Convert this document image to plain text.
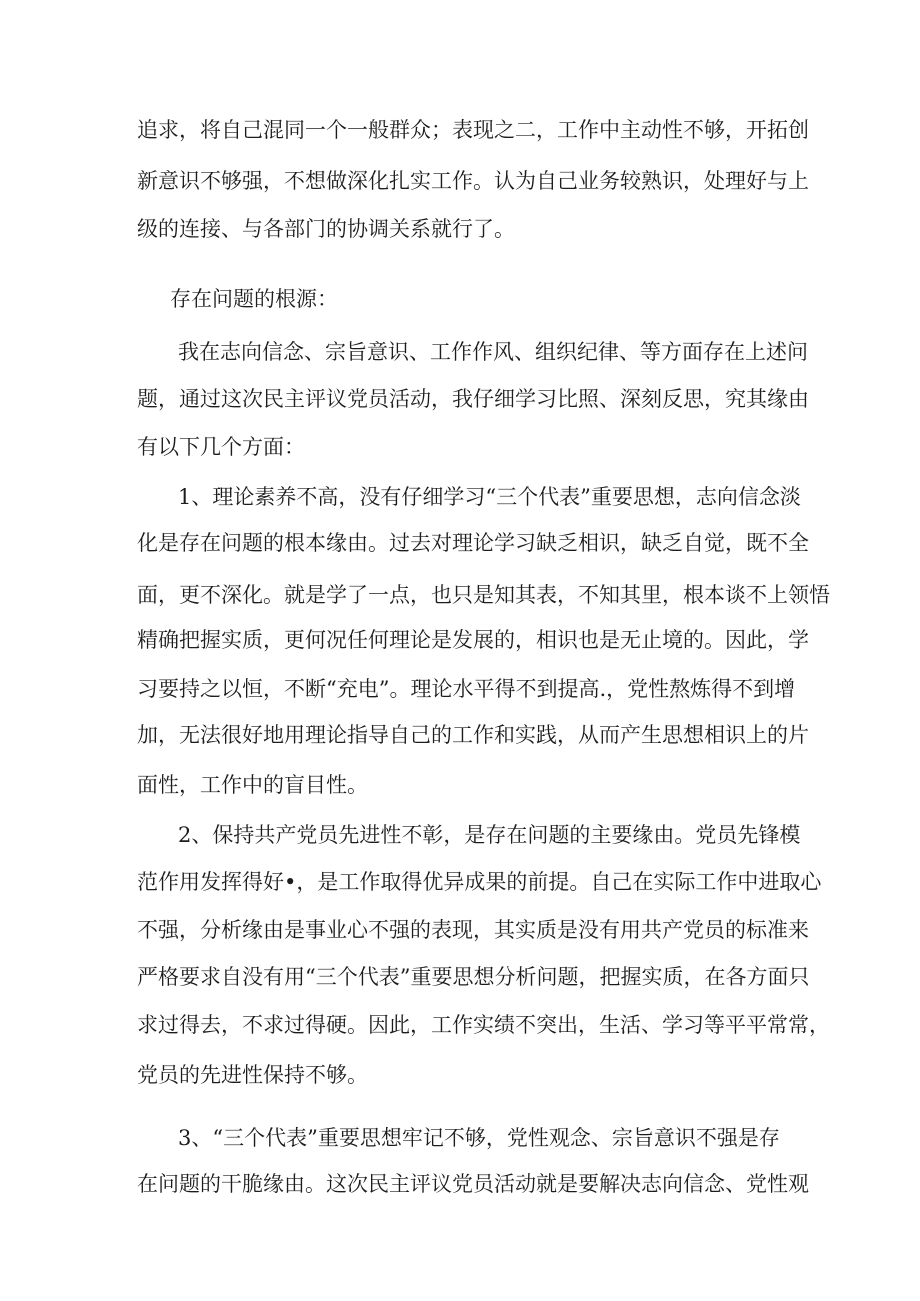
追求，将自己混同一个一般群众；表现之二，工作中主动性不够，开拓创
新意识不够强，不想做深化扎实工作。认为自己业务较熟识，处理好与上
级的连接、与各部门的协调关系就行了。
存在问题的根源：
我在志向信念、宗旨意识、工作作风、组织纪律、等方面存在上述问
题，通过这次民主评议党员活动，我仔细学习比照、深刻反思，究其缘由
有以下几个方面：
1、理论素养不高，没有仔细学习“三个代表”重要思想，志向信念淡
化是存在问题的根本缘由。过去对理论学习缺乏相识，缺乏自觉，既不全
面，更不深化。就是学了一点，也只是知其表，不知其里，根本谈不上领悟
精确把握实质，更何况任何理论是发展的，相识也是无止境的。因此，学
习要持之以恒，不断“充电”。理论水平得不到提高.，党性熬炼得不到增
加，无法很好地用理论指导自己的工作和实践，从而产生思想相识上的片
面性，工作中的盲目性。
2、保持共产党员先进性不彰，是存在问题的主要缘由。党员先锋模
范作用发挥得好•，是工作取得优异成果的前提。自己在实际工作中进取心
不强，分析缘由是事业心不强的表现，其实质是没有用共产党员的标准来
严格要求自没有用“三个代表”重要思想分析问题，把握实质，在各方面只
求过得去，不求过得硬。因此，工作实绩不突出，生活、学习等平平常常，
党员的先进性保持不够。
3、“三个代表”重要思想牢记不够，党性观念、宗旨意识不强是存
在问题的干脆缘由。这次民主评议党员活动就是要解决志向信念、党性观
